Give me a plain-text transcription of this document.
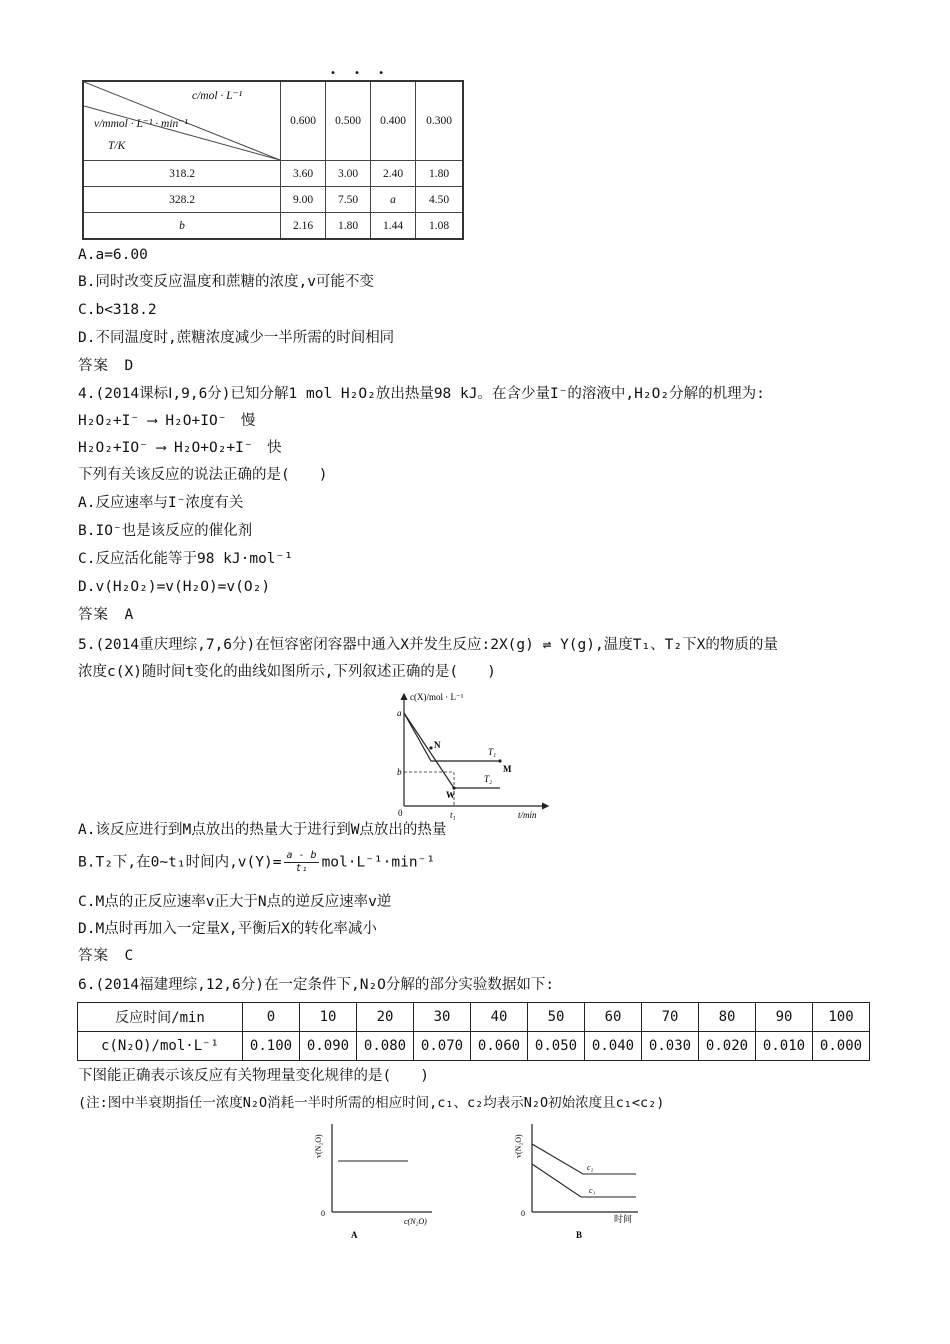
• • •
c/mol · L⁻¹
v/mmol · L⁻¹ · min⁻¹
T/K	0.600	0.500	0.400	0.300
318.2	3.60	3.00	2.40	1.80
328.2	9.00	7.50	a	4.50
b	2.16	1.80	1.44	1.08
A.a=6.00
B.同时改变反应温度和蔗糖的浓度,v可能不变
C.b<318.2
D.不同温度时,蔗糖浓度减少一半所需的时间相同
答案　D
4.(2014课标Ⅰ,9,6分)已知分解1 mol H₂O₂放出热量98 kJ。在含少量I⁻的溶液中,H₂O₂分解的机理为:
H₂O₂+I⁻ ⟶ H₂O+IO⁻　慢
H₂O₂+IO⁻ ⟶ H₂O+O₂+I⁻　快
下列有关该反应的说法正确的是(　　)
A.反应速率与I⁻浓度有关
B.IO⁻也是该反应的催化剂
C.反应活化能等于98 kJ·mol⁻¹
D.v(H₂O₂)=v(H₂O)=v(O₂)
答案　A
5.(2014重庆理综,7,6分)在恒容密闭容器中通入X并发生反应:2X(g) ⇌ Y(g),温度T₁、T₂下X的物质的量
浓度c(X)随时间t变化的曲线如图所示,下列叙述正确的是(　　)
c(X)/mol · L⁻¹
t/min
0
a
b
N
M
W
T₁
T₂
t₁
A.该反应进行到M点放出的热量大于进行到W点放出的热量
B.T₂下,在0~t₁时间内$,v(Y)= \frac{a - b}{\text{t₁}} mol\cdot L^{-1}\cdot\min^{-1}$
C.M点的正反应速率v正大于N点的逆反应速率v逆
D.M点时再加入一定量X,平衡后X的转化率减小
答案　C
6.(2014福建理综,12,6分)在一定条件下,N₂O分解的部分实验数据如下:
反应时间/min	0	10	20	30	40	50	60	70	80	90	100
c(N₂O)/mol·L⁻¹	0.100	0.090	0.080	0.070	0.060	0.050	0.040	0.030	0.020	0.010	0.000
下图能正确表示该反应有关物理量变化规律的是(　　)
(注:图中半衰期指任一浓度N₂O消耗一半时所需的相应时间,c₁、c₂均表示N₂O初始浓度且c₁<c₂)
v(N₂O)
c(N₂O)
0
A
v(N₂O)
时间
0
c₂
c₁
B
